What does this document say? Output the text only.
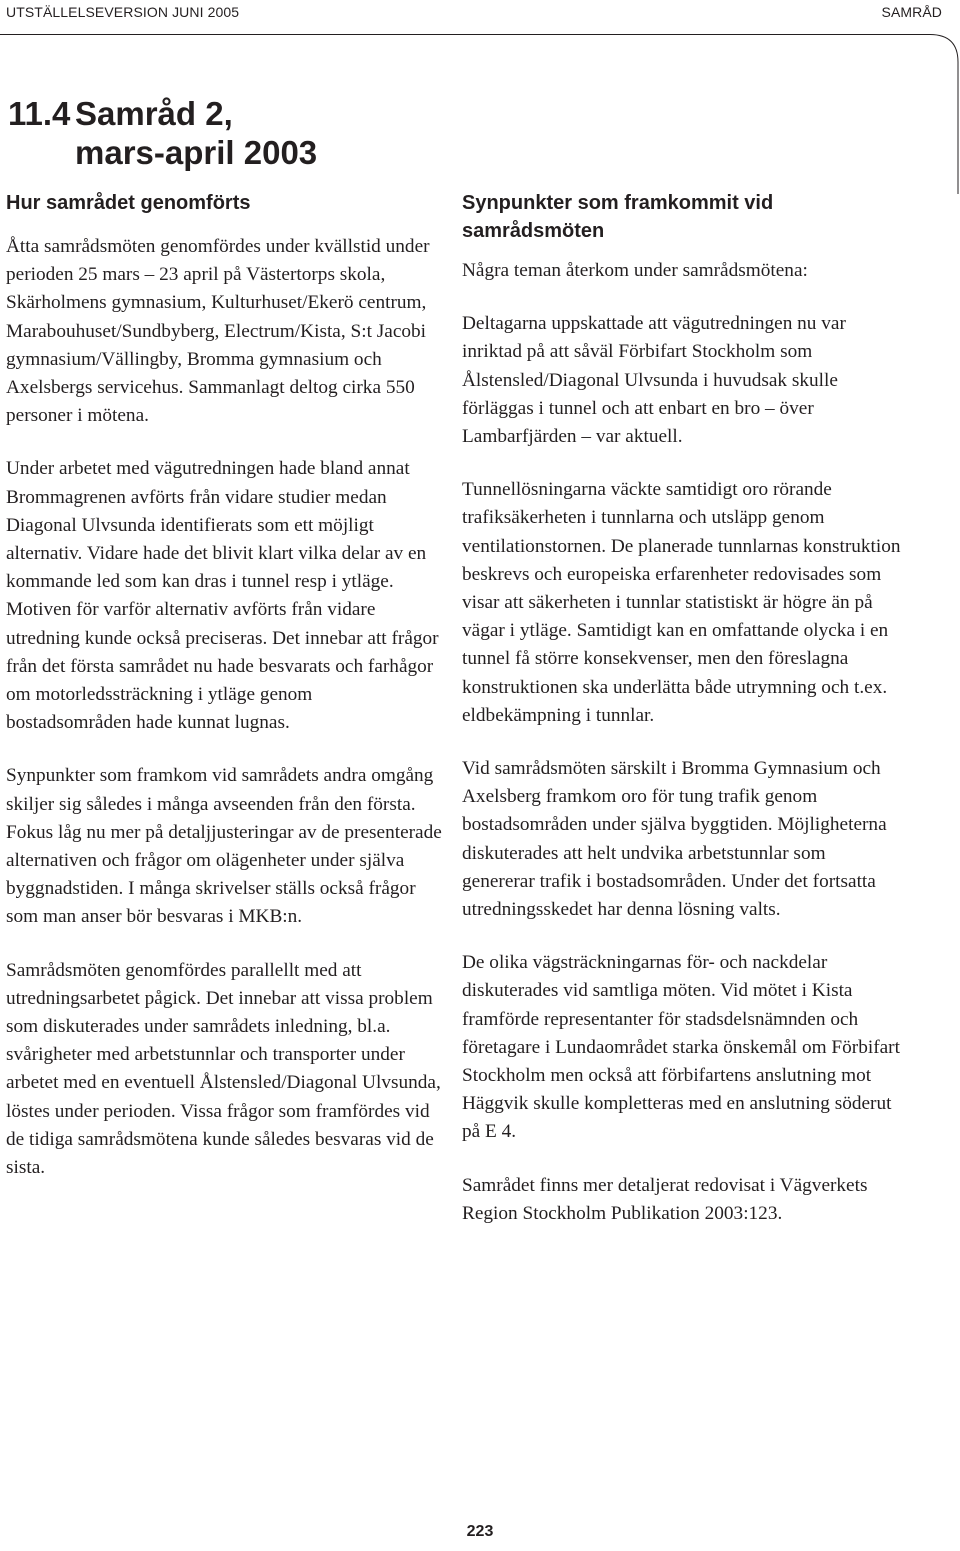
UTSTÄLLELSEVERSION JUNI 2005	SAMRÅD
11.4 Samråd 2,
mars-april 2003
Hur samrådet genomförts

Åtta samrådsmöten genomfördes under kvällstid under perioden 25 mars – 23 april på Västertorps skola, Skärholmens gymnasium, Kulturhuset/Ekerö centrum, Marabouhuset/Sundbyberg, Electrum/Kista, S:t Jacobi gymnasium/Vällingby, Bromma gymnasium och Axelsbergs servicehus. Sammanlagt deltog cirka 550 personer i mötena.

Under arbetet med vägutredningen hade bland annat Brommagrenen avförts från vidare studier medan Diagonal Ulvsunda identifierats som ett möjligt alternativ. Vidare hade det blivit klart vilka delar av en kommande led som kan dras i tunnel resp i ytläge. Motiven för varför alternativ avförts från vidare utredning kunde också preciseras. Det innebar att frågor från det första samrådet nu hade besvarats och farhågor om motorledssträckning i ytläge genom bostadsområden hade kunnat lugnas.

Synpunkter som framkom vid samrådets andra omgång skiljer sig således i många avseenden från den första. Fokus låg nu mer på detaljjusteringar av de presenterade alternativen och frågor om olägenheter under själva byggnadstiden. I många skrivelser ställs också frågor som man anser bör besvaras i MKB:n.

Samrådsmöten genomfördes parallellt med att utredningsarbetet pågick. Det innebar att vissa problem som diskuterades under samrådets inledning, bl.a. svårigheter med arbetstunnlar och transporter under arbetet med en eventuell Ålstensled/Diagonal Ulvsunda, löstes under perioden. Vissa frågor som framfördes vid de tidiga samrådsmötena kunde således besvaras vid de sista.

Synpunkter som framkommit vid samrådsmöten

Några teman återkom under samrådsmötena:

Deltagarna uppskattade att vägutredningen nu var inriktad på att såväl Förbifart Stockholm som Ålstensled/Diagonal Ulvsunda i huvudsak skulle förläggas i tunnel och att enbart en bro – över Lambarfjärden – var aktuell.

Tunnellösningarna väckte samtidigt oro rörande trafiksäkerheten i tunnlarna och utsläpp genom ventilationstornen. De planerade tunnlarnas konstruktion beskrevs och europeiska erfarenheter redovisades som visar att säkerheten i tunnlar statistiskt är högre än på vägar i ytläge. Samtidigt kan en omfattande olycka i en tunnel få större konsekvenser, men den föreslagna konstruktionen ska underlätta både utrymning och t.ex. eldbekämpning i tunnlar.

Vid samrådsmöten särskilt i Bromma Gymnasium och Axelsberg framkom oro för tung trafik genom bostadsområden under själva byggtiden. Möjligheterna diskuterades att helt undvika arbetstunnlar som genererar trafik i bostadsområden. Under det fortsatta utredningsskedet har denna lösning valts.

De olika vägsträckningarnas för- och nackdelar diskuterades vid samtliga möten. Vid mötet i Kista framförde representanter för stadsdelsnämnden och företagare i Lundaområdet starka önskemål om Förbifart Stockholm men också att förbifartens anslutning mot Häggvik skulle kompletteras med en anslutning söderut på E 4.

Samrådet finns mer detaljerat redovisat i Vägverkets Region Stockholm Publikation 2003:123.

223
